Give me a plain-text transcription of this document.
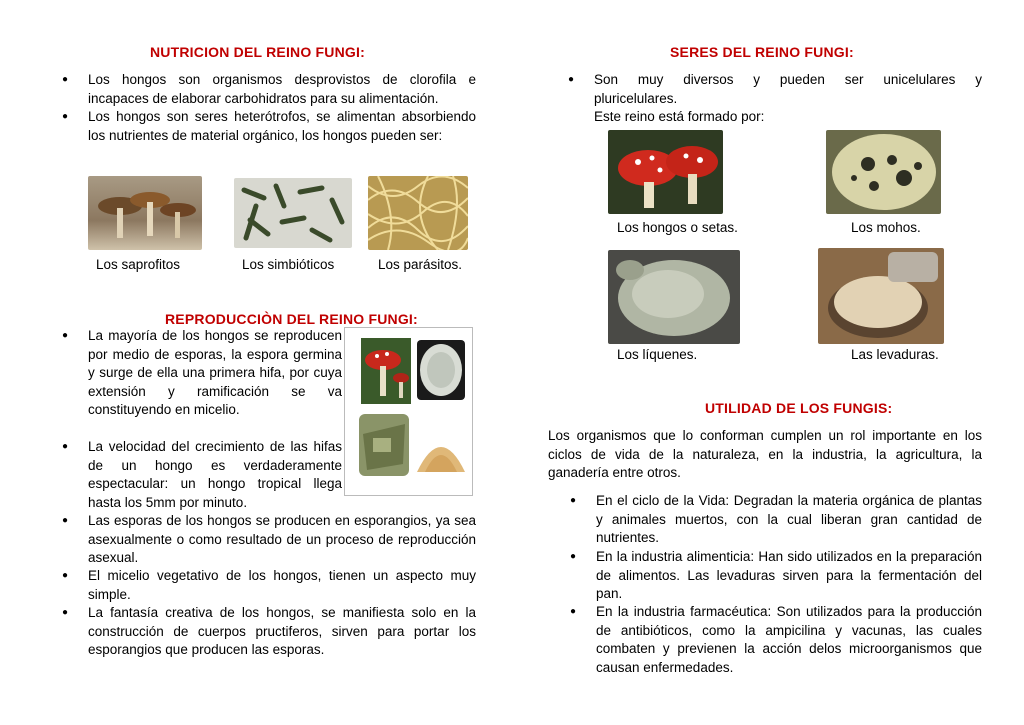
NUTRICION DEL REINO FUNGI:
● Los hongos son organismos desprovistos de clorofila e incapaces de elaborar carbohidratos para su alimentación.
● Los hongos son seres heterótrofos, se alimentan absorbiendo los nutrientes de material orgánico, los hongos pueden ser:
Los saprofitos	Los simbióticos	Los parásitos.
REPRODUCCIÒN DEL REINO FUNGI:
● La mayoría de los hongos se reproducen por medio de esporas, la espora germina y surge de ella una primera hifa, por cuya extensión y ramificación se va constituyendo en micelio.
● La velocidad del crecimiento de las hifas de un hongo es verdaderamente espectacular: un hongo tropical llega hasta los 5mm por minuto.
● Las esporas de los hongos se producen en esporangios, ya sea asexualmente o como resultado de un proceso de reproducción asexual.
● El micelio vegetativo de los hongos, tienen un aspecto muy simple.
● La fantasía creativa de los hongos, se manifiesta solo en la construcción de cuerpos pructiferos, sirven para portar los esporangios que producen las esporas.
SERES DEL REINO FUNGI:
● Son muy diversos y pueden ser unicelulares y pluricelulares.
Este reino está formado por:
Los hongos o setas.	Los mohos.
Los líquenes.	Las levaduras.
UTILIDAD DE LOS FUNGIS:
Los organismos que lo conforman cumplen un rol importante en los ciclos de vida de la naturaleza, en la industria, la agricultura, la ganadería entre otros.
● En el ciclo de la Vida: Degradan la materia orgánica de plantas y animales muertos, con la cual liberan gran cantidad de nutrientes.
● En la industria alimenticia: Han sido utilizados en la preparación de alimentos. Las levaduras sirven para la fermentación del pan.
● En la industria farmacéutica: Son utilizados para la producción de antibióticos, como la ampicilina y vacunas, las cuales combaten y previenen la acción delos microorganismos que causan enfermedades.
